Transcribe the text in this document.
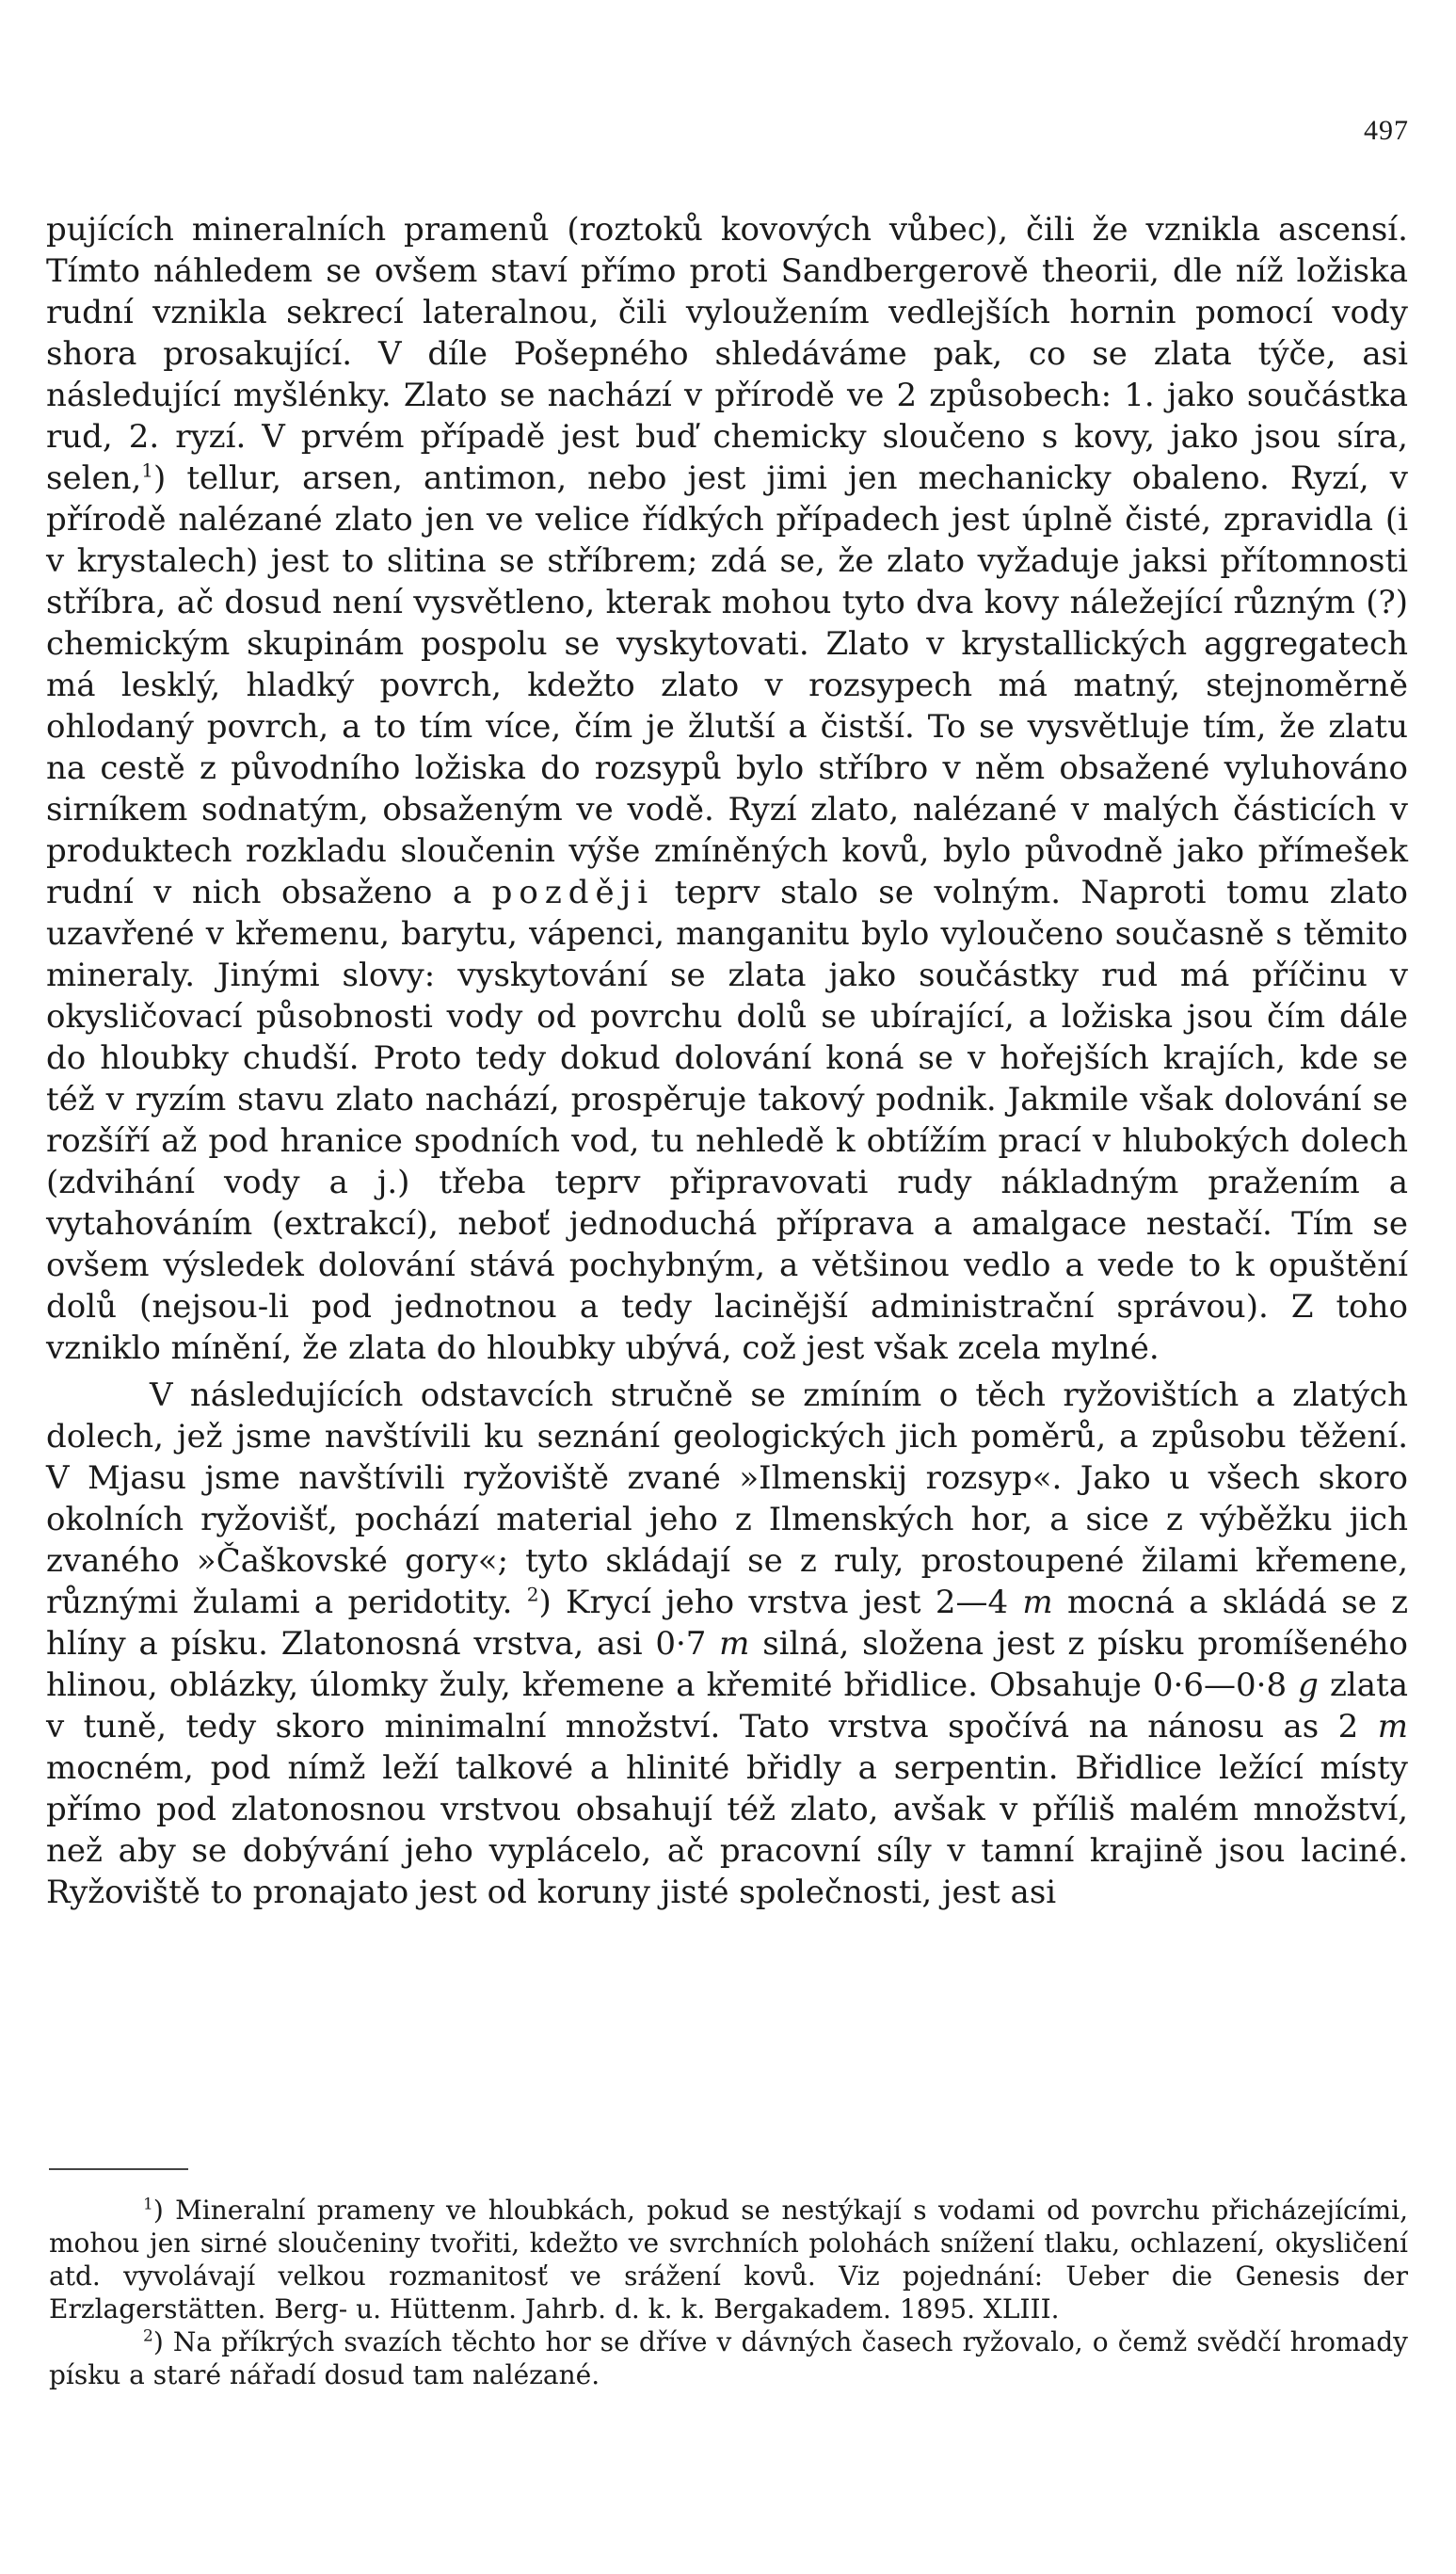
497

pujících mineralních pramenů (roztoků kovových vůbec), čili že vznikla ascensí. Tímto náhledem se ovšem staví přímo proti Sandbergerově theorii, dle níž ložiska rudní vznikla sekrecí lateralnou, čili vyloužením vedlejších hornin pomocí vody shora prosakující. V díle Pošepného shledáváme pak, co se zlata týče, asi následující myšlénky. Zlato se nachází v přírodě ve 2 způsobech: 1. jako součástka rud, 2. ryzí. V prvém případě jest buď chemicky sloučeno s kovy, jako jsou síra, selen,$^1$) tellur, arsen, antimon, nebo jest jimi jen mechanicky obaleno. Ryzí, v přírodě nalézané zlato jen ve velice řídkých případech jest úplně čisté, zpravidla (i v krystalech) jest to slitina se stříbrem; zdá se, že zlato vyžaduje jaksi přítomnosti stříbra, ač dosud není vysvětleno, kterak mohou tyto dva kovy náležející různým (?) chemickým skupinám pospolu se vyskytovati. Zlato v krystallických aggregatech má lesklý, hladký povrch, kdežto zlato v rozsypech má matný, stejnoměrně ohlodaný povrch, a to tím více, čím je žlutší a čistší. To se vysvětluje tím, že zlatu na cestě z původního ložiska do rozsypů bylo stříbro v něm obsažené vyluhováno sirníkem sodnatým, obsaženým ve vodě. Ryzí zlato, nalézané v malých částicích v produktech rozkladu sloučenin výše zmíněných kovů, bylo původně jako přímešek rudní v nich obsaženo a později teprv stalo se volným. Naproti tomu zlato uzavřené v křemenu, barytu, vápenci, manganitu bylo vyloučeno současně s těmito mineraly. Jinými slovy: vyskytování se zlata jako součástky rud má příčinu v okysličovací působnosti vody od povrchu dolů se ubírající, a ložiska jsou čím dále do hloubky chudší. Proto tedy dokud dolování koná se v hořejších krajích, kde se též v ryzím stavu zlato nachází, prospěruje takový podnik. Jakmile však dolování se rozšíří až pod hranice spodních vod, tu nehledě k obtížím prací v hlubokých dolech (zdvihání vody a j.) třeba teprv připravovati rudy nákladným pražením a vytahováním (extrakcí), neboť jednoduchá příprava a amalgace nestačí. Tím se ovšem výsledek dolování stává pochybným, a většinou vedlo a vede to k opuštění dolů (nejsou-li pod jednotnou a tedy lacinější administrační správou). Z toho vzniklo mínění, že zlata do hloubky ubývá, což jest však zcela mylné.

V následujících odstavcích stručně se zmíním o těch ryžovištích a zlatých dolech, jež jsme navštívili ku seznání geologických jich poměrů, a způsobu těžení. V Mjasu jsme navštívili ryžoviště zvané »Ilmenskij rozsyp«. Jako u všech skoro okolních ryžovišť, pochází material jeho z Ilmenských hor, a sice z výběžku jich zvaného »Čaškovské gory«; tyto skládají se z ruly, prostoupené žilami křemene, různými žulami a peridotity. $^2$) Krycí jeho vrstva jest 2—4 m mocná a skládá se z hlíny a písku. Zlatonosná vrstva, asi 0·7 m silná, složena jest z písku promíšeného hlinou, oblázky, úlomky žuly, křemene a křemité břidlice. Obsahuje 0·6—0·8 g zlata v tuně, tedy skoro minimalní množství. Tato vrstva spočívá na nánosu as 2 m mocném, pod nímž leží talkové a hlinité břidly a serpentin. Břidlice ležící místy přímo pod zlatonosnou vrstvou obsahují též zlato, avšak v příliš malém množství, než aby se dobývání jeho vyplácelo, ač pracovní síly v tamní krajině jsou laciné. Ryžoviště to pronajato jest od koruny jisté společnosti, jest asi

$^1$) Mineralní prameny ve hloubkách, pokud se nestýkají s vodami od povrchu přicházejícími, mohou jen sirné sloučeniny tvořiti, kdežto ve svrchních polohách snížení tlaku, ochlazení, okysličení atd. vyvolávají velkou rozmanitosť ve srážení kovů. Viz pojednání: Ueber die Genesis der Erzlagerstätten. Berg- u. Hüttenm. Jahrb. d. k. k. Bergakadem. 1895. XLIII.

$^2$) Na příkrých svazích těchto hor se dříve v dávných časech ryžovalo, o čemž svědčí hromady písku a staré nářadí dosud tam nalézané.
